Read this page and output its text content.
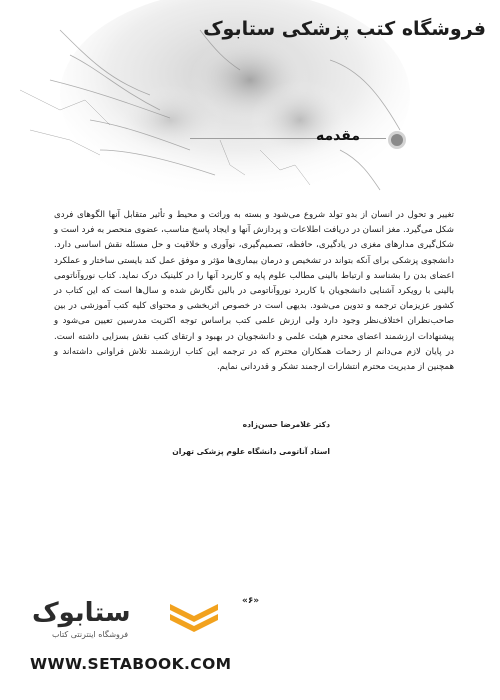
فروشگاه کتب پزشکی ستابوک
مقدمه

تغییر و تحول در انسان از بدو تولد شروع می‌شود و بسته به وراثت و محیط و تأثیر متقابل آنها الگوهای فردی شکل می‌گیرد. مغز انسان در دریافت اطلاعات و پردازش آنها و ایجاد پاسخ مناسب، عضوی منحصر به فرد است و شکل‌گیری مدارهای مغزی در یادگیری، حافظه، تصمیم‌گیری، نوآوری و خلاقیت و حل مسئله نقش اساسی دارد. دانشجوی پزشکی برای آنکه بتواند در تشخیص و درمان بیماری‌ها مؤثر و موفق عمل کند بایستی ساختار و عملکرد اعضای بدن را بشناسد و ارتباط بالینی مطالب علوم پایه و کاربرد آنها را در کلینیک درک نماید. کتاب نوروآناتومی بالینی با رویکرد آشنایی دانشجویان با کاربرد نوروآناتومی در بالین نگارش شده و سال‌ها است که این کتاب در کشور عزیزمان ترجمه و تدوین می‌شود. بدیهی است در خصوص اثربخشی و محتوای کلیه کتب آموزشی در بین صاحب‌نظران اختلاف‌نظر وجود دارد ولی ارزش علمی کتب براساس توجه اکثریت مدرسین تعیین می‌شود و پیشنهادات ارزشمند اعضای محترم هیئت علمی و دانشجویان در بهبود و ارتقای کتب نقش بسزایی داشته است. در پایان لازم می‌دانم از زحمات همکاران محترم که در ترجمه این کتاب ارزشمند تلاش فراوانی داشته‌اند و همچنین از مدیریت محترم انتشارات ارجمند تشکر و قدردانی نمایم.

دکتر غلامرضا حسن‌زاده
استاد آناتومی دانشگاه علوم پزشکی تهران
«۶»
ستابوک
فروشگاه اینترنتی کتاب
WWW.SETABOOK.COM
